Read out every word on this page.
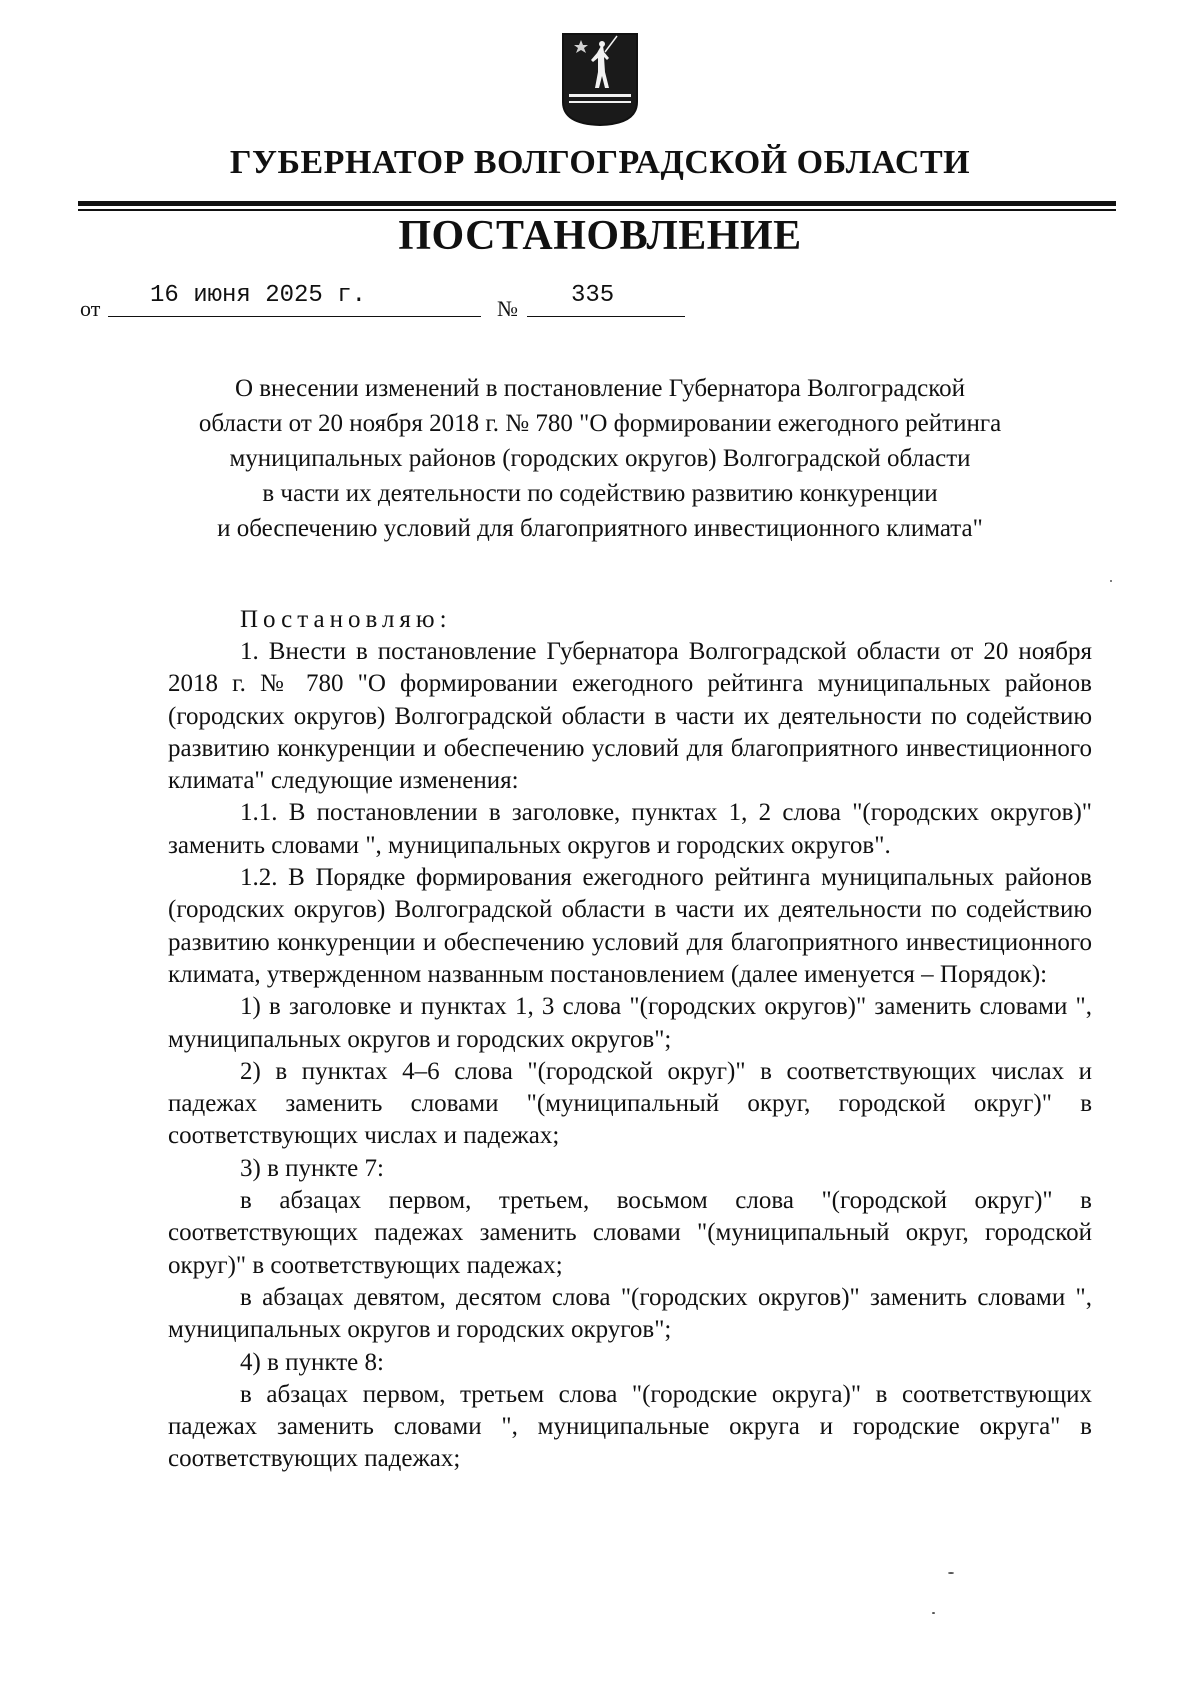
ГУБЕРНАТОР ВОЛГОГРАДСКОЙ ОБЛАСТИ
ПОСТАНОВЛЕНИЕ
от 16 июня 2025 г.	№ 335
О внесении изменений в постановление Губернатора Волгоградской
области от 20 ноября 2018 г. № 780 "О формировании ежегодного рейтинга
муниципальных районов (городских округов) Волгоградской области
в части их деятельности по содействию развитию конкуренции
и обеспечению условий для благоприятного инвестиционного климата"
Постановляю:

1. Внести в постановление Губернатора Волгоградской области от 20 ноября 2018 г. № 780 "О формировании ежегодного рейтинга муниципальных районов (городских округов) Волгоградской области в части их деятельности по содействию развитию конкуренции и обеспечению условий для благоприятного инвестиционного климата" следующие изменения:

1.1. В постановлении в заголовке, пунктах 1, 2 слова "(городских округов)" заменить словами ", муниципальных округов и городских округов".

1.2. В Порядке формирования ежегодного рейтинга муниципальных районов (городских округов) Волгоградской области в части их деятельности по содействию развитию конкуренции и обеспечению условий для благоприятного инвестиционного климата, утвержденном названным постановлением (далее именуется – Порядок):

1) в заголовке и пунктах 1, 3 слова "(городских округов)" заменить словами ", муниципальных округов и городских округов";

2) в пунктах 4–6 слова "(городской округ)" в соответствующих числах и падежах заменить словами "(муниципальный округ, городской округ)" в соответствующих числах и падежах;

3) в пункте 7:

в абзацах первом, третьем, восьмом слова "(городской округ)" в соответствующих падежах заменить словами "(муниципальный округ, городской округ)" в соответствующих падежах;

в абзацах девятом, десятом слова "(городских округов)" заменить словами ", муниципальных округов и городских округов";

4) в пункте 8:

в абзацах первом, третьем слова "(городские округа)" в соответствующих падежах заменить словами ", муниципальные округа и городские округа" в соответствующих падежах;
